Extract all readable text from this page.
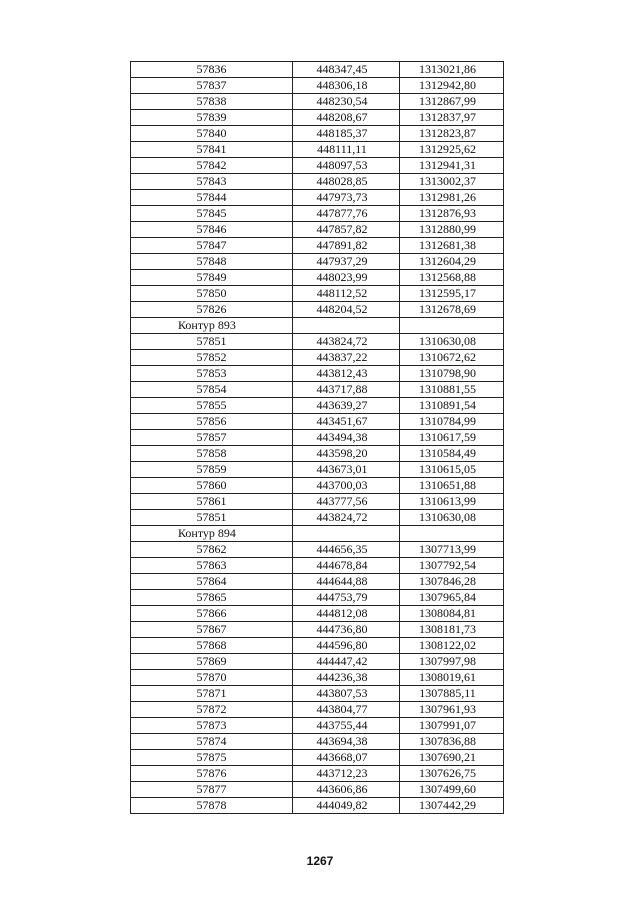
57836	448347,45	1313021,86
57837	448306,18	1312942,80
57838	448230,54	1312867,99
57839	448208,67	1312837,97
57840	448185,37	1312823,87
57841	448111,11	1312925,62
57842	448097,53	1312941,31
57843	448028,85	1313002,37
57844	447973,73	1312981,26
57845	447877,76	1312876,93
57846	447857,82	1312880,99
57847	447891,82	1312681,38
57848	447937,29	1312604,29
57849	448023,99	1312568,88
57850	448112,52	1312595,17
57826	448204,52	1312678,69
Контур 893		
57851	443824,72	1310630,08
57852	443837,22	1310672,62
57853	443812,43	1310798,90
57854	443717,88	1310881,55
57855	443639,27	1310891,54
57856	443451,67	1310784,99
57857	443494,38	1310617,59
57858	443598,20	1310584,49
57859	443673,01	1310615,05
57860	443700,03	1310651,88
57861	443777,56	1310613,99
57851	443824,72	1310630,08
Контур 894		
57862	444656,35	1307713,99
57863	444678,84	1307792,54
57864	444644,88	1307846,28
57865	444753,79	1307965,84
57866	444812,08	1308084,81
57867	444736,80	1308181,73
57868	444596,80	1308122,02
57869	444447,42	1307997,98
57870	444236,38	1308019,61
57871	443807,53	1307885,11
57872	443804,77	1307961,93
57873	443755,44	1307991,07
57874	443694,38	1307836,88
57875	443668,07	1307690,21
57876	443712,23	1307626,75
57877	443606,86	1307499,60
57878	444049,82	1307442,29
1267
